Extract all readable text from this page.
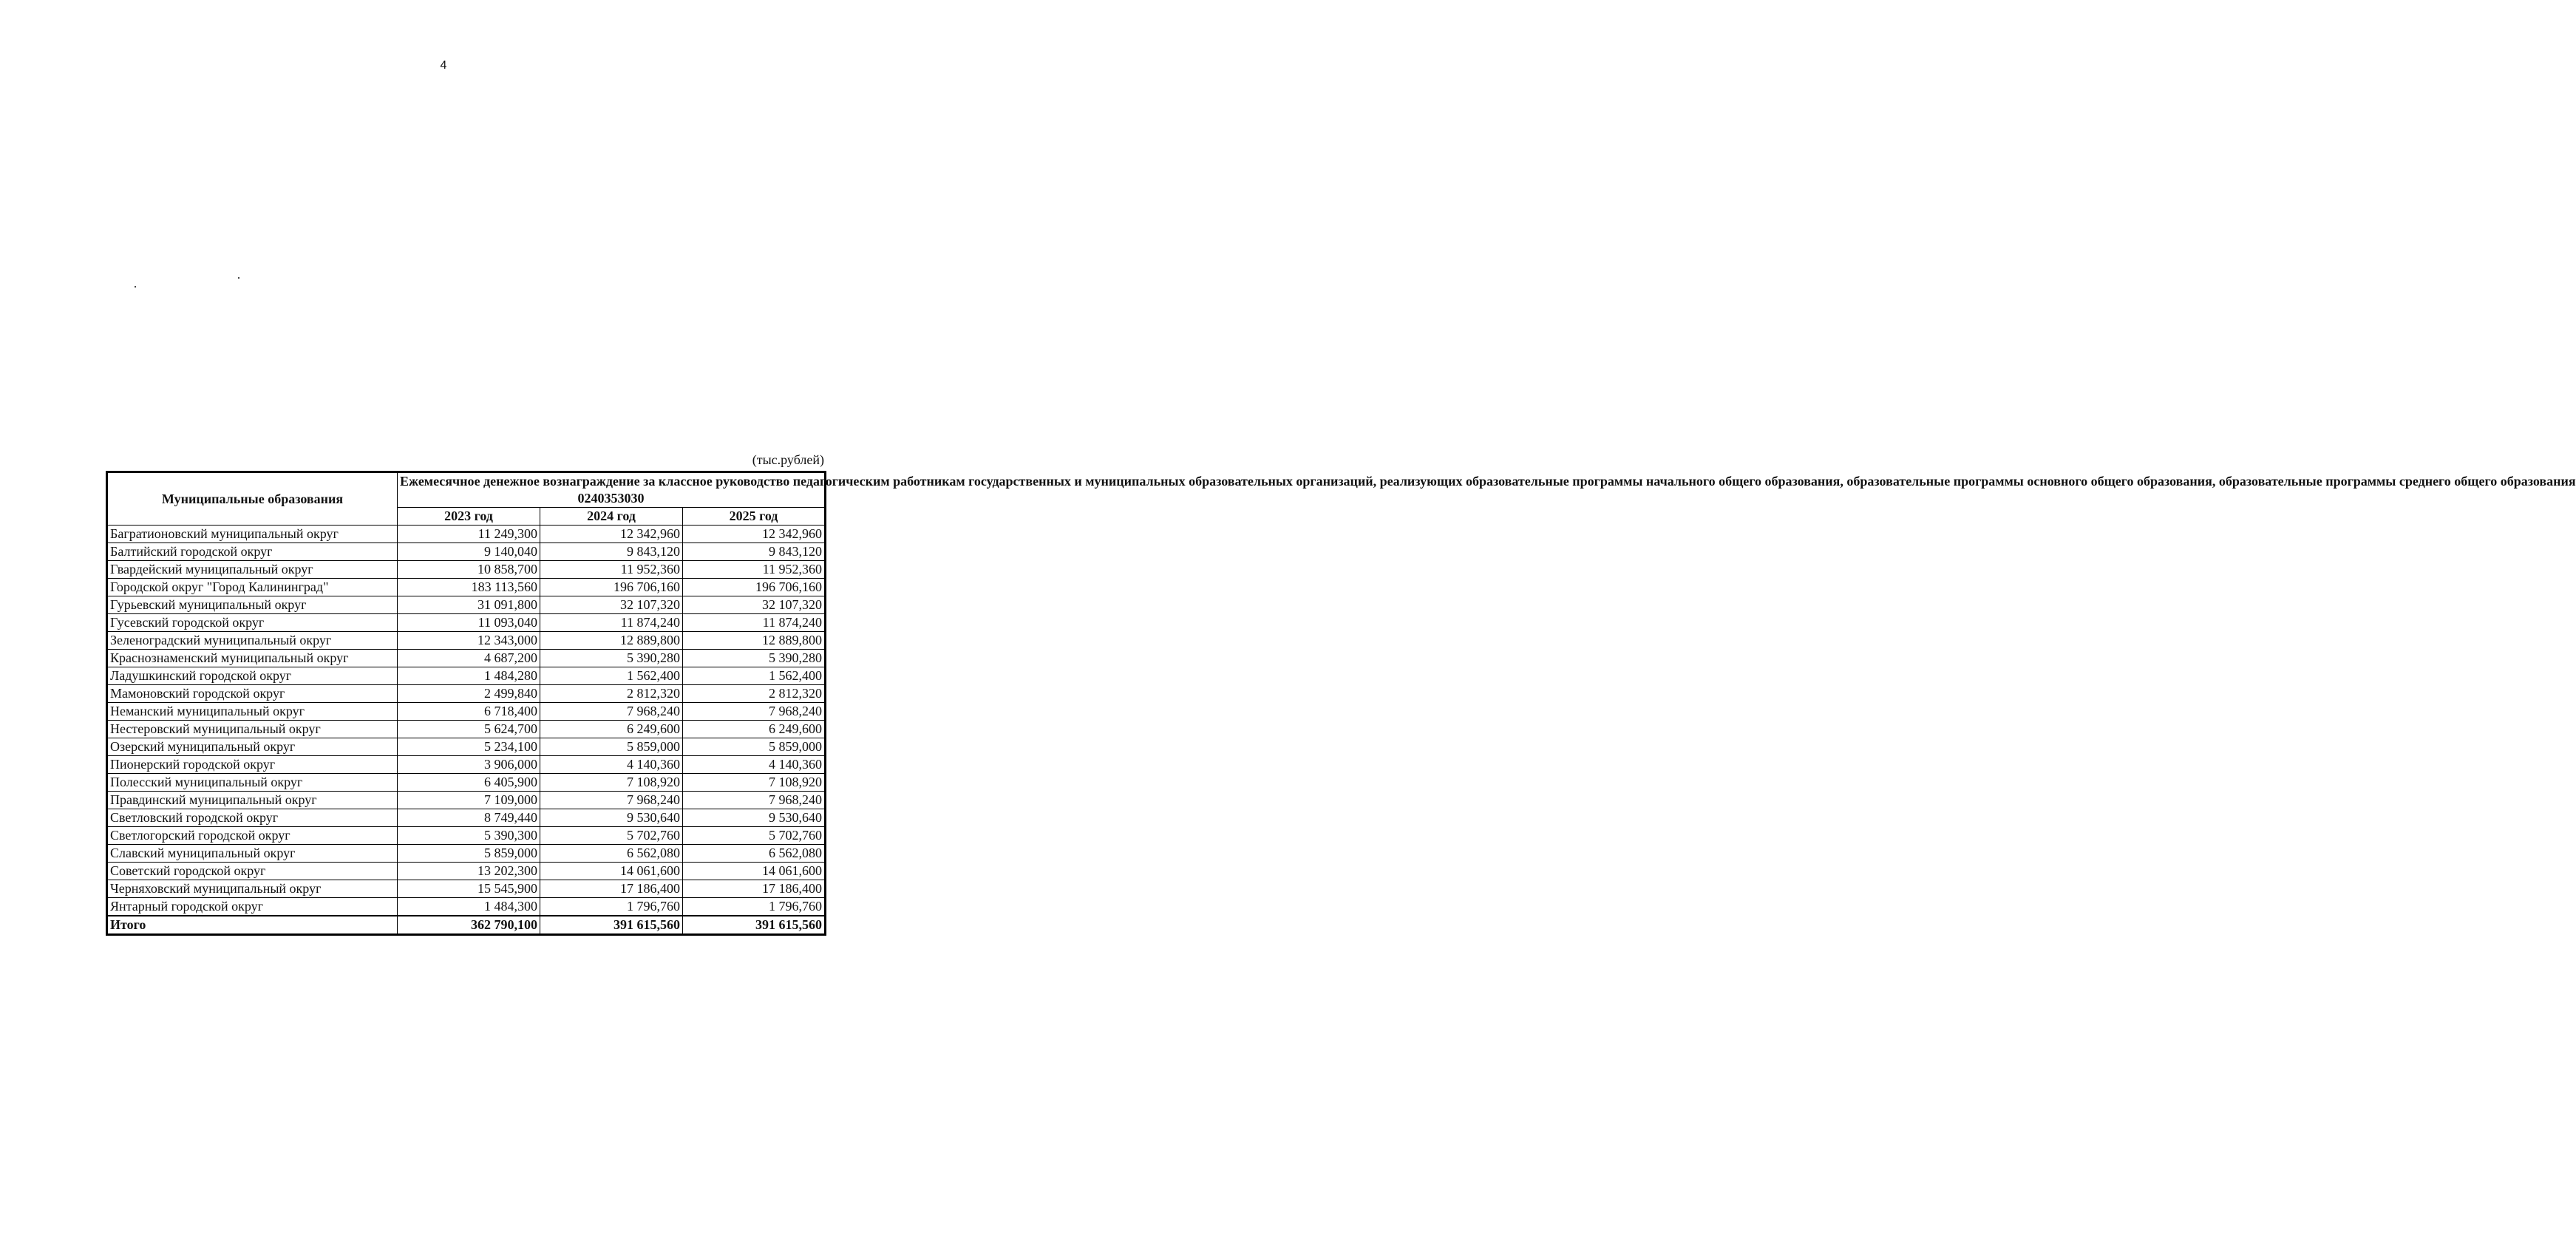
4
(тыс.рублей)
Муниципальные образования	Ежемесячное денежное вознаграждение за классное руководство педагогическим работникам государственных и муниципальных образовательных организаций, реализующих образовательные программы начального общего образования, образовательные программы основного общего образования, образовательные программы среднего общего образования
0240353030		

	2023 год	2024 год	2025 год
Багратионовский муниципальный округ	11 249,300	12 342,960	12 342,960
Балтийский городской округ	9 140,040	9 843,120	9 843,120
Гвардейский муниципальный округ	10 858,700	11 952,360	11 952,360
Городской округ "Город Калининград"	183 113,560	196 706,160	196 706,160
Гурьевский муниципальный округ	31 091,800	32 107,320	32 107,320
Гусевский городской округ	11 093,040	11 874,240	11 874,240
Зеленоградский муниципальный округ	12 343,000	12 889,800	12 889,800
Краснознаменский муниципальный округ	4 687,200	5 390,280	5 390,280
Ладушкинский городской округ	1 484,280	1 562,400	1 562,400
Мамоновский городской округ	2 499,840	2 812,320	2 812,320
Неманский муниципальный округ	6 718,400	7 968,240	7 968,240
Нестеровский муниципальный округ	5 624,700	6 249,600	6 249,600
Озерский муниципальный округ	5 234,100	5 859,000	5 859,000
Пионерский городской округ	3 906,000	4 140,360	4 140,360
Полесский муниципальный округ	6 405,900	7 108,920	7 108,920
Правдинский муниципальный округ	7 109,000	7 968,240	7 968,240
Светловский городской округ	8 749,440	9 530,640	9 530,640
Светлогорский городской округ	5 390,300	5 702,760	5 702,760
Славский муниципальный округ	5 859,000	6 562,080	6 562,080
Советский городской округ	13 202,300	14 061,600	14 061,600
Черняховский муниципальный округ	15 545,900	17 186,400	17 186,400
Янтарный городской округ	1 484,300	1 796,760	1 796,760
Итого	362 790,100	391 615,560	391 615,560
